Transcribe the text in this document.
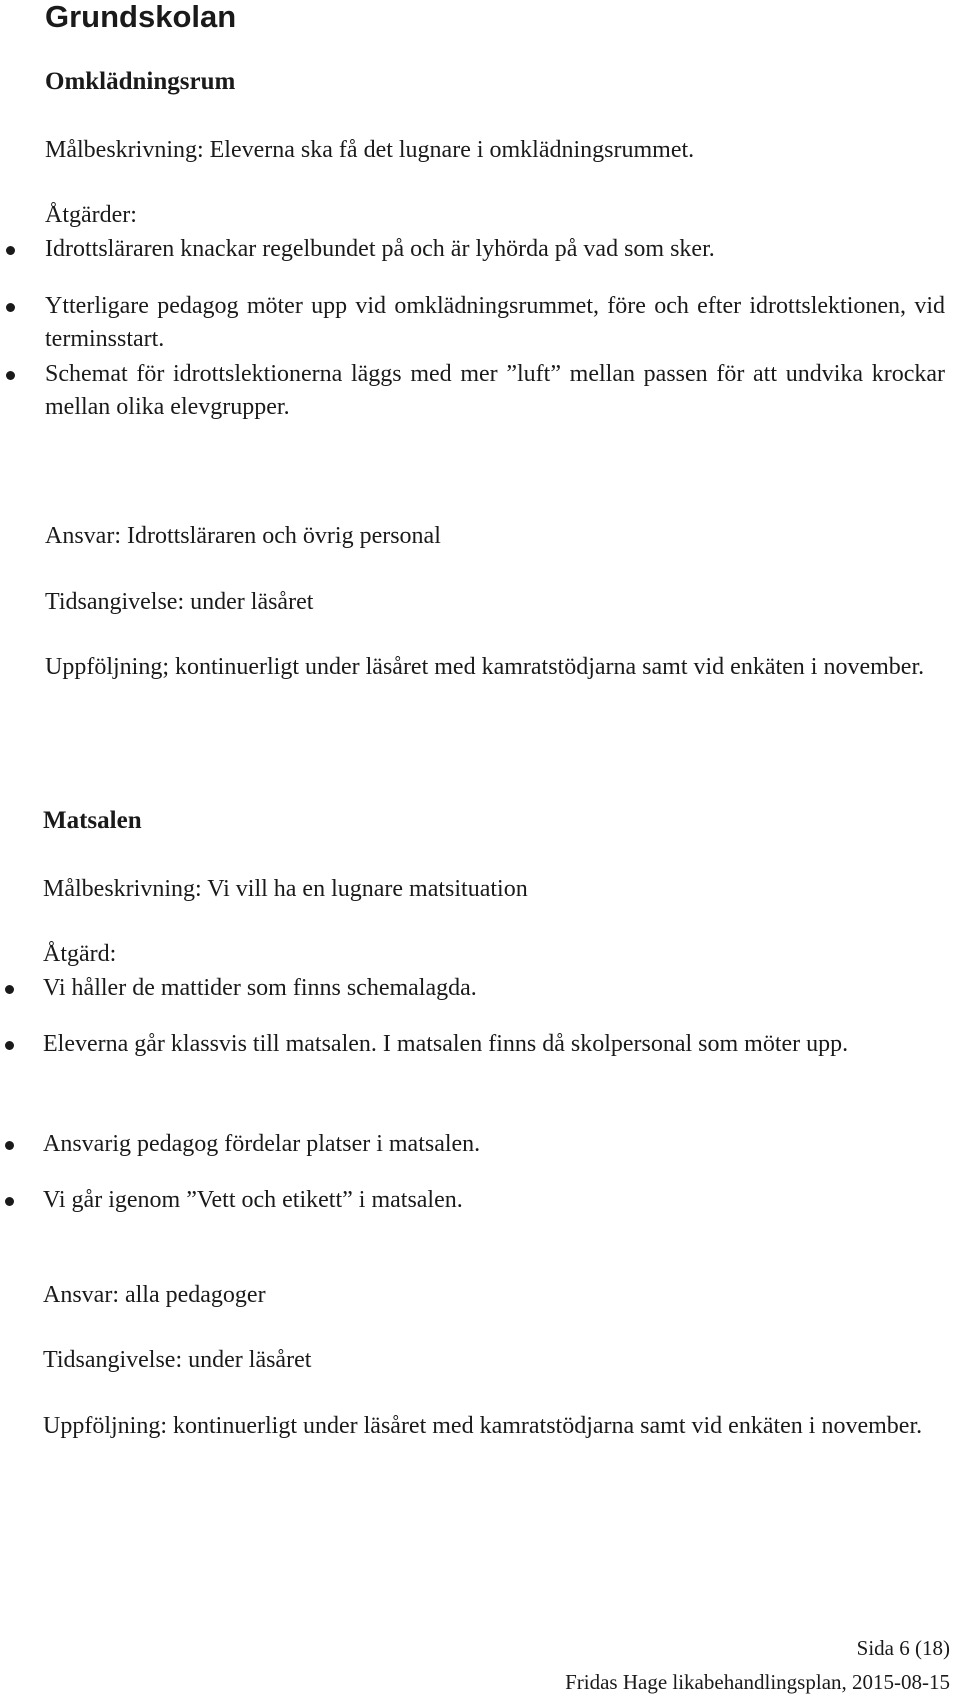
Grundskolan
Omklädningsrum
Målbeskrivning: Eleverna ska få det lugnare i omklädningsrummet.
Åtgärder:
Idrottsläraren knackar regelbundet på och är lyhörda på vad som sker.
Ytterligare pedagog möter upp vid omklädningsrummet, före och efter idrottslektionen, vid terminsstart.
Schemat för idrottslektionerna läggs med mer ”luft” mellan passen för att undvika krockar mellan olika elevgrupper.
Ansvar: Idrottsläraren och övrig personal
Tidsangivelse: under läsåret
Uppföljning; kontinuerligt under läsåret med kamratstödjarna samt vid enkäten i november.
Matsalen
Målbeskrivning: Vi vill ha en lugnare matsituation
Åtgärd:
Vi håller de mattider som finns schemalagda.
Eleverna går klassvis till matsalen. I matsalen finns då skolpersonal som möter upp.
Ansvarig pedagog fördelar platser i matsalen.
Vi går igenom ”Vett och etikett” i matsalen.
Ansvar: alla pedagoger
Tidsangivelse: under läsåret
Uppföljning: kontinuerligt under läsåret med kamratstödjarna samt vid enkäten i november.
Sida 6 (18)
Fridas Hage likabehandlingsplan, 2015-08-15
